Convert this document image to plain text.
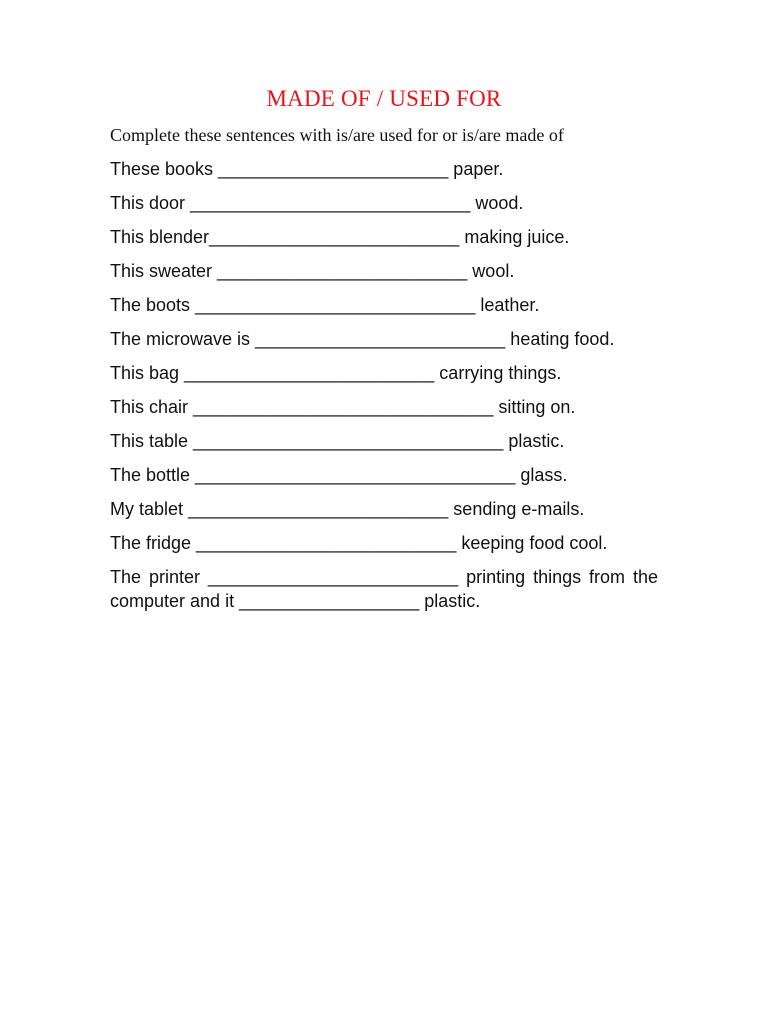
MADE OF / USED FOR
Complete these sentences with is/are used for or is/are made of
These books _______________________ paper.
This door ____________________________ wood.
This blender_________________________ making juice.
This sweater _________________________ wool.
The boots ____________________________ leather.
The microwave is _________________________ heating food.
This bag _________________________ carrying things.
This chair ______________________________ sitting on.
This table _______________________________ plastic.
The bottle ________________________________ glass.
My tablet __________________________ sending e-mails.
The fridge __________________________ keeping food cool.
The printer _________________________ printing things from the computer and it __________________ plastic.
